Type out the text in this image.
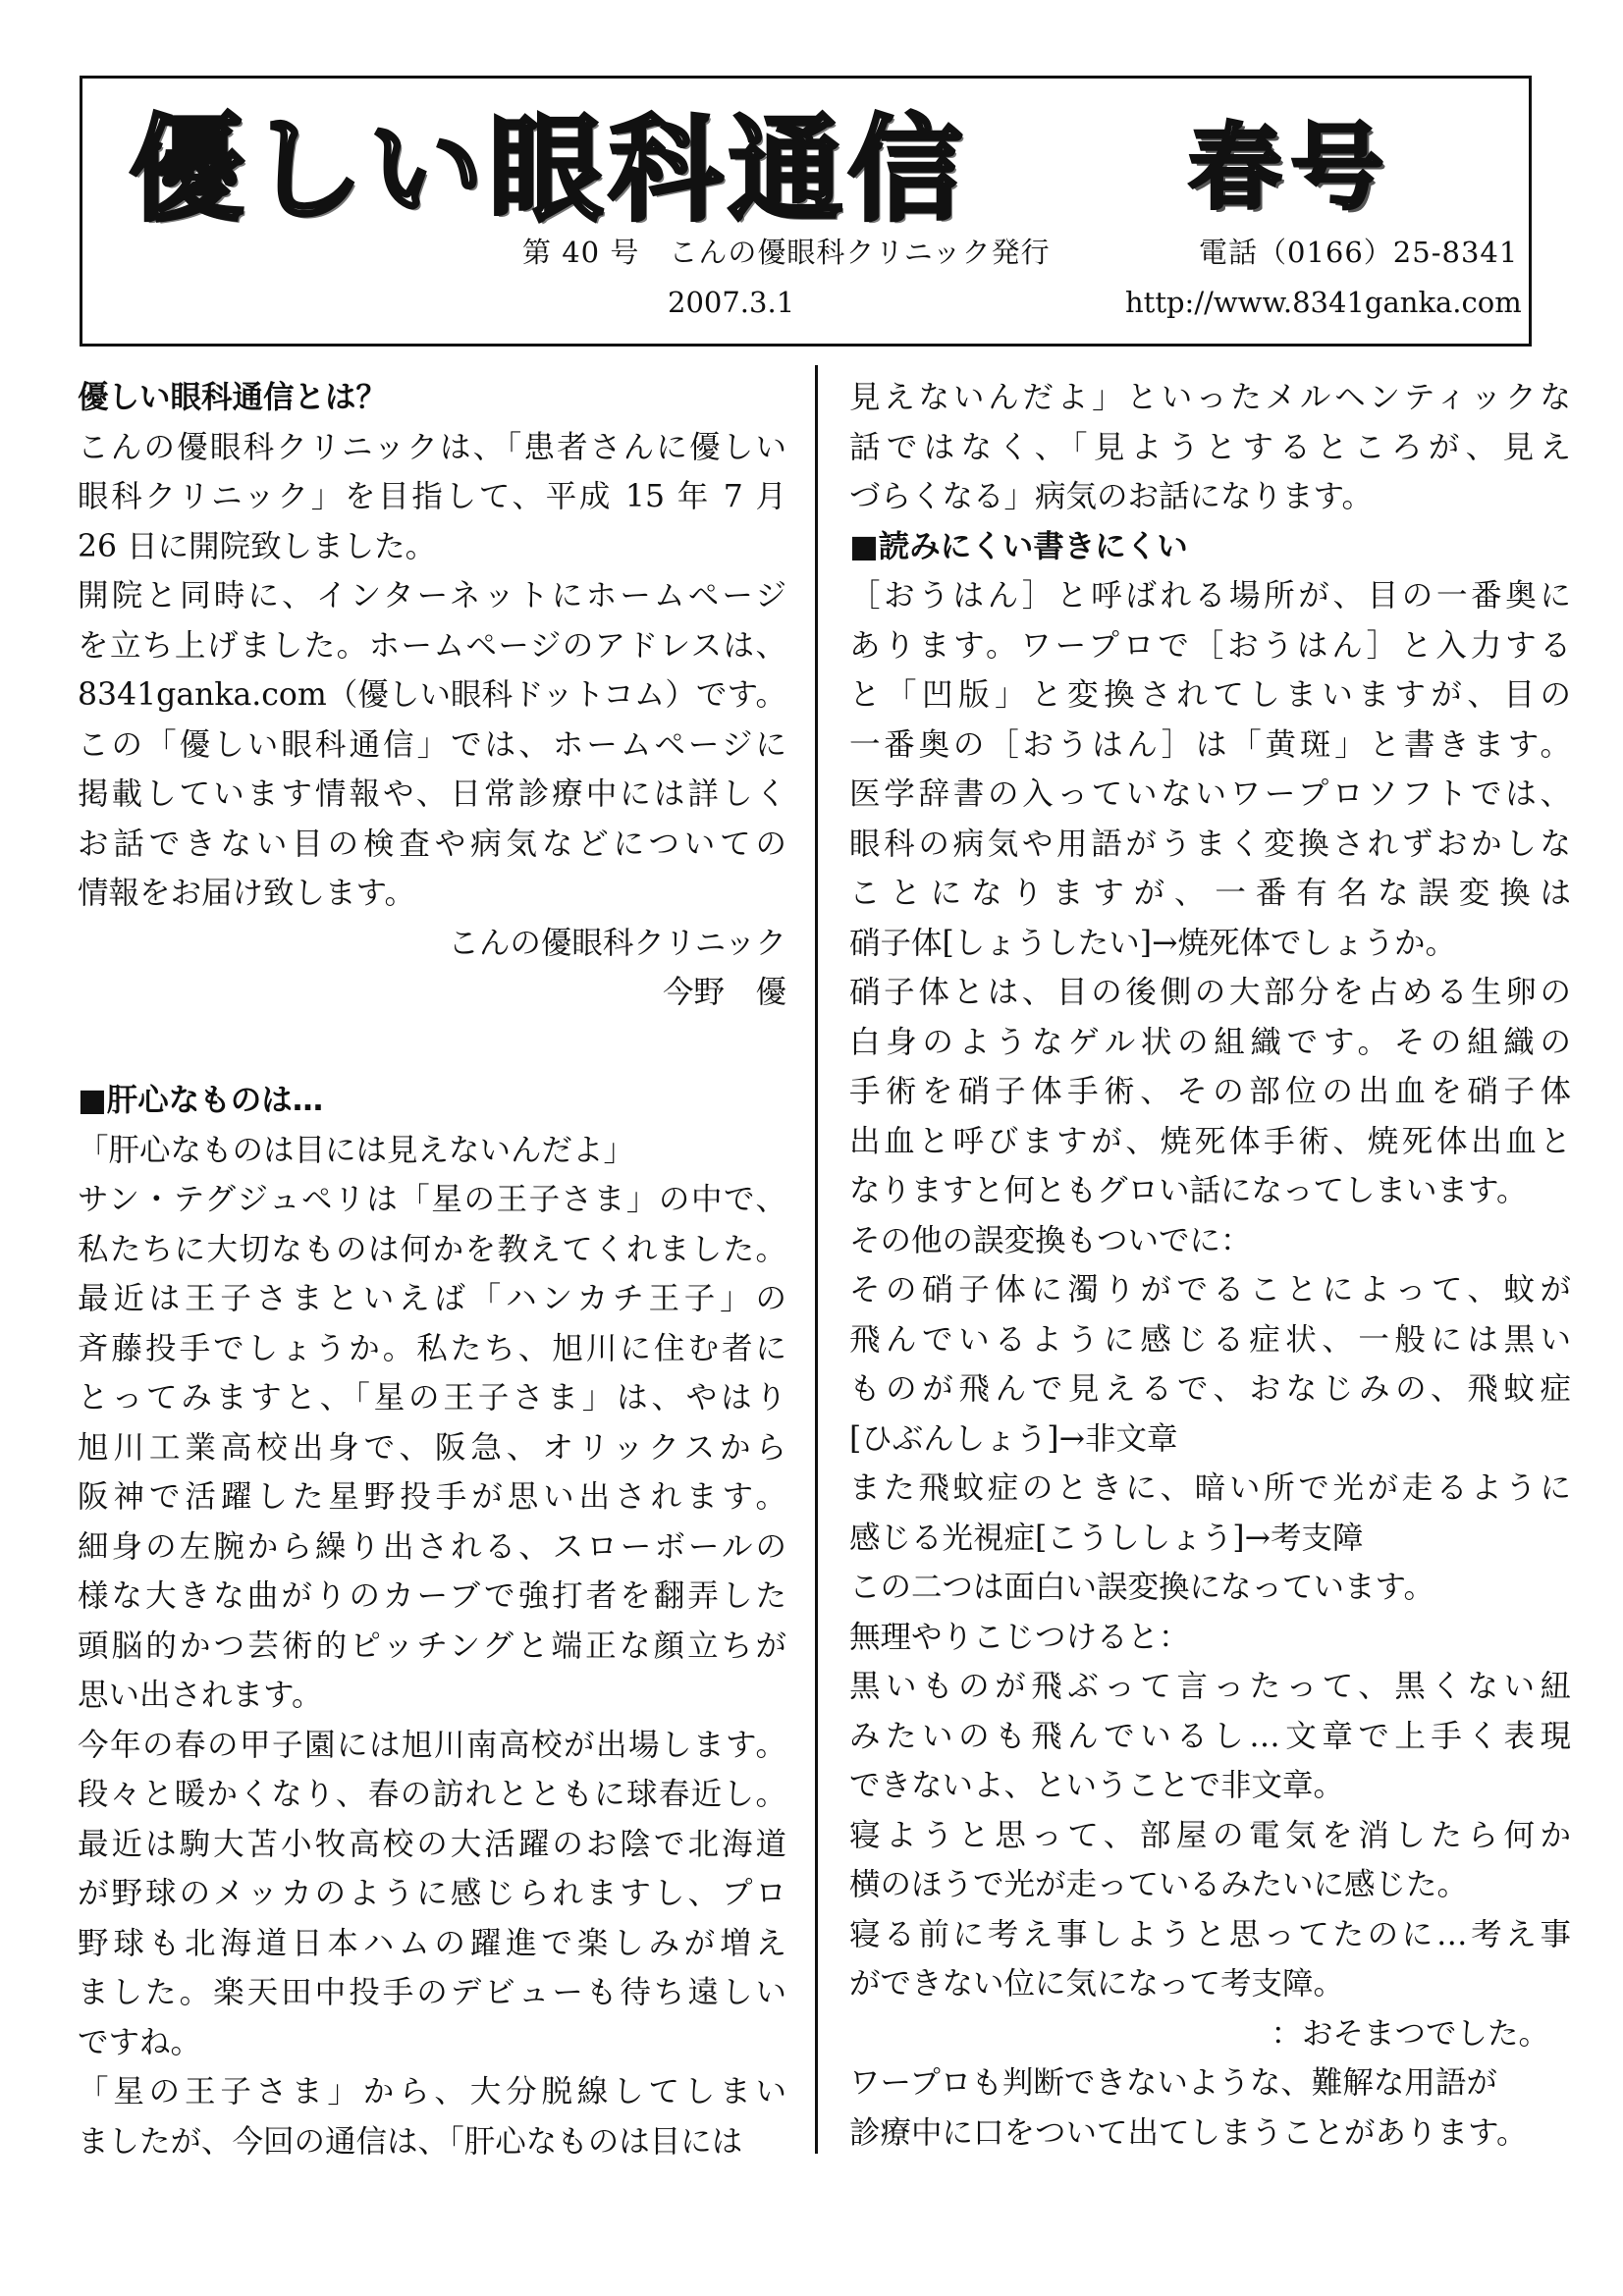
優しい眼科通信 春号
第 40 号　こんの優眼科クリニック発行	電話（0166）25-8341
2007.3.1	http://www.8341ganka.com
優しい眼科通信とは？
こんの優眼科クリニックは、「患者さんに優しい
眼科クリニック」を目指して、平成 15 年 7 月
26 日に開院致しました。
開院と同時に、インターネットにホームページ
を立ち上げました。ホームページのアドレスは、
8341ganka.com（優しい眼科ドットコム）です。
この「優しい眼科通信」では、ホームページに
掲載しています情報や、日常診療中には詳しく
お話できない目の検査や病気などについての
情報をお届け致します。
こんの優眼科クリニック
今野　優
■肝心なものは…
「肝心なものは目には見えないんだよ」
サン・テグジュペリは「星の王子さま」の中で、
私たちに大切なものは何かを教えてくれました。
最近は王子さまといえば「ハンカチ王子」の
斉藤投手でしょうか。私たち、旭川に住む者に
とってみますと、「星の王子さま」は、やはり
旭川工業高校出身で、阪急、オリックスから
阪神で活躍した星野投手が思い出されます。
細身の左腕から繰り出される、スローボールの
様な大きな曲がりのカーブで強打者を翻弄した
頭脳的かつ芸術的ピッチングと端正な顔立ちが
思い出されます。
今年の春の甲子園には旭川南高校が出場します。
段々と暖かくなり、春の訪れとともに球春近し。
最近は駒大苫小牧高校の大活躍のお陰で北海道
が野球のメッカのように感じられますし、プロ
野球も北海道日本ハムの躍進で楽しみが増え
ました。楽天田中投手のデビューも待ち遠しい
ですね。
「星の王子さま」から、大分脱線してしまい
ましたが、今回の通信は、「肝心なものは目には
見えないんだよ」といったメルヘンティックな
話ではなく、「見ようとするところが、見え
づらくなる」病気のお話になります。
■読みにくい書きにくい
［おうはん］と呼ばれる場所が、目の一番奥に
あります。ワープロで［おうはん］と入力する
と「凹版」と変換されてしまいますが、目の
一番奥の［おうはん］は「黄斑」と書きます。
医学辞書の入っていないワープロソフトでは、
眼科の病気や用語がうまく変換されずおかしな
ことになりますが、一番有名な誤変換は
硝子体[しょうしたい]→焼死体でしょうか。
硝子体とは、目の後側の大部分を占める生卵の
白身のようなゲル状の組織です。その組織の
手術を硝子体手術、その部位の出血を硝子体
出血と呼びますが、焼死体手術、焼死体出血と
なりますと何ともグロい話になってしまいます。
その他の誤変換もついでに：
その硝子体に濁りがでることによって、蚊が
飛んでいるように感じる症状、一般には黒い
ものが飛んで見えるで、おなじみの、飛蚊症
[ひぶんしょう]→非文章
また飛蚊症のときに、暗い所で光が走るように
感じる光視症[こうししょう]→考支障
この二つは面白い誤変換になっています。
無理やりこじつけると：
黒いものが飛ぶって言ったって、黒くない紐
みたいのも飛んでいるし…文章で上手く表現
できないよ、ということで非文章。
寝ようと思って、部屋の電気を消したら何か
横のほうで光が走っているみたいに感じた。
寝る前に考え事しようと思ってたのに…考え事
ができない位に気になって考支障。
：おそまつでした。
ワープロも判断できないような、難解な用語が
診療中に口をついて出てしまうことがあります。
